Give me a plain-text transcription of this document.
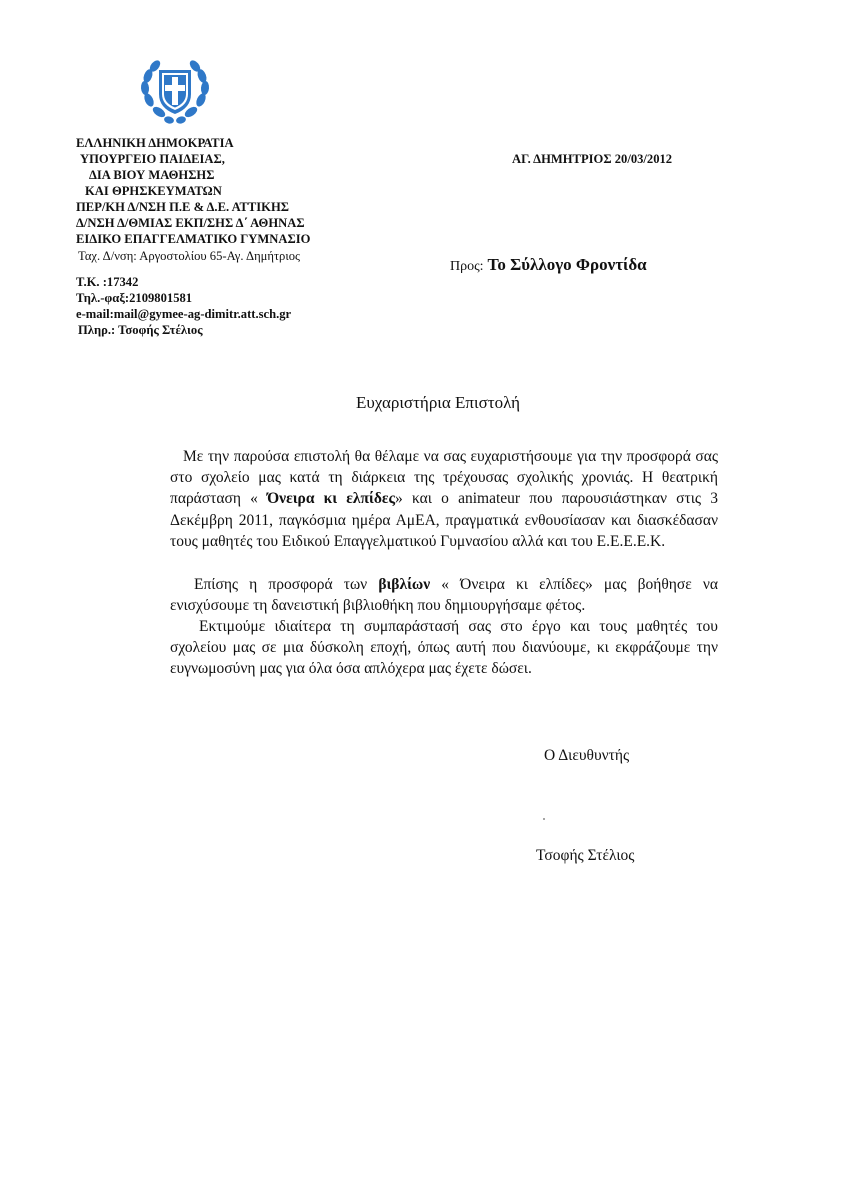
ΕΛΛΗΝΙΚΗ ΔΗΜΟΚΡΑΤΙΑ
ΥΠΟΥΡΓΕΙΟ ΠΑΙΔΕΙΑΣ,
ΔΙΑ ΒΙΟΥ ΜΑΘΗΣΗΣ
ΚΑΙ ΘΡΗΣΚΕΥΜΑΤΩΝ
ΠΕΡ/ΚΗ Δ/ΝΣΗ Π.Ε & Δ.Ε. ΑΤΤΙΚΗΣ
Δ/ΝΣΗ Δ/ΘΜΙΑΣ ΕΚΠ/ΣΗΣ Δ΄ ΑΘΗΝΑΣ
ΕΙΔΙΚΟ ΕΠΑΓΓΕΛΜΑΤΙΚΟ ΓΥΜΝΑΣΙΟ
Ταχ. Δ/νση: Αργοστολίου 65-Αγ. Δημήτριος
Τ.Κ. :17342
Τηλ.-φαξ:2109801581
e-mail:mail@gymee-ag-dimitr.att.sch.gr
Πληρ.: Τσοφής Στέλιος
ΑΓ. ΔΗΜΗΤΡΙΟΣ 20/03/2012
Προς: Το Σύλλογο Φροντίδα
Ευχαριστήρια Επιστολή
Με την παρούσα επιστολή θα θέλαμε να σας ευχαριστήσουμε για την προσφορά σας στο σχολείο μας κατά τη διάρκεια της τρέχουσας σχολικής χρονιάς. Η θεατρική παράσταση « Όνειρα κι ελπίδες» και ο animateur που παρουσιάστηκαν στις 3 Δεκέμβρη 2011, παγκόσμια ημέρα ΑμΕΑ, πραγματικά ενθουσίασαν και διασκέδασαν τους μαθητές του Ειδικού Επαγγελματικού Γυμνασίου αλλά και του Ε.Ε.Ε.Ε.Κ.
Επίσης η προσφορά των βιβλίων « Όνειρα κι ελπίδες» μας βοήθησε να ενισχύσουμε τη δανειστική βιβλιοθήκη που δημιουργήσαμε φέτος.
Εκτιμούμε ιδιαίτερα τη συμπαράστασή σας στο έργο και τους μαθητές του σχολείου μας σε μια δύσκολη εποχή, όπως αυτή που διανύουμε, κι εκφράζουμε την ευγνωμοσύνη μας για όλα όσα απλόχερα μας έχετε δώσει.
Ο Διευθυντής
Τσοφής Στέλιος
